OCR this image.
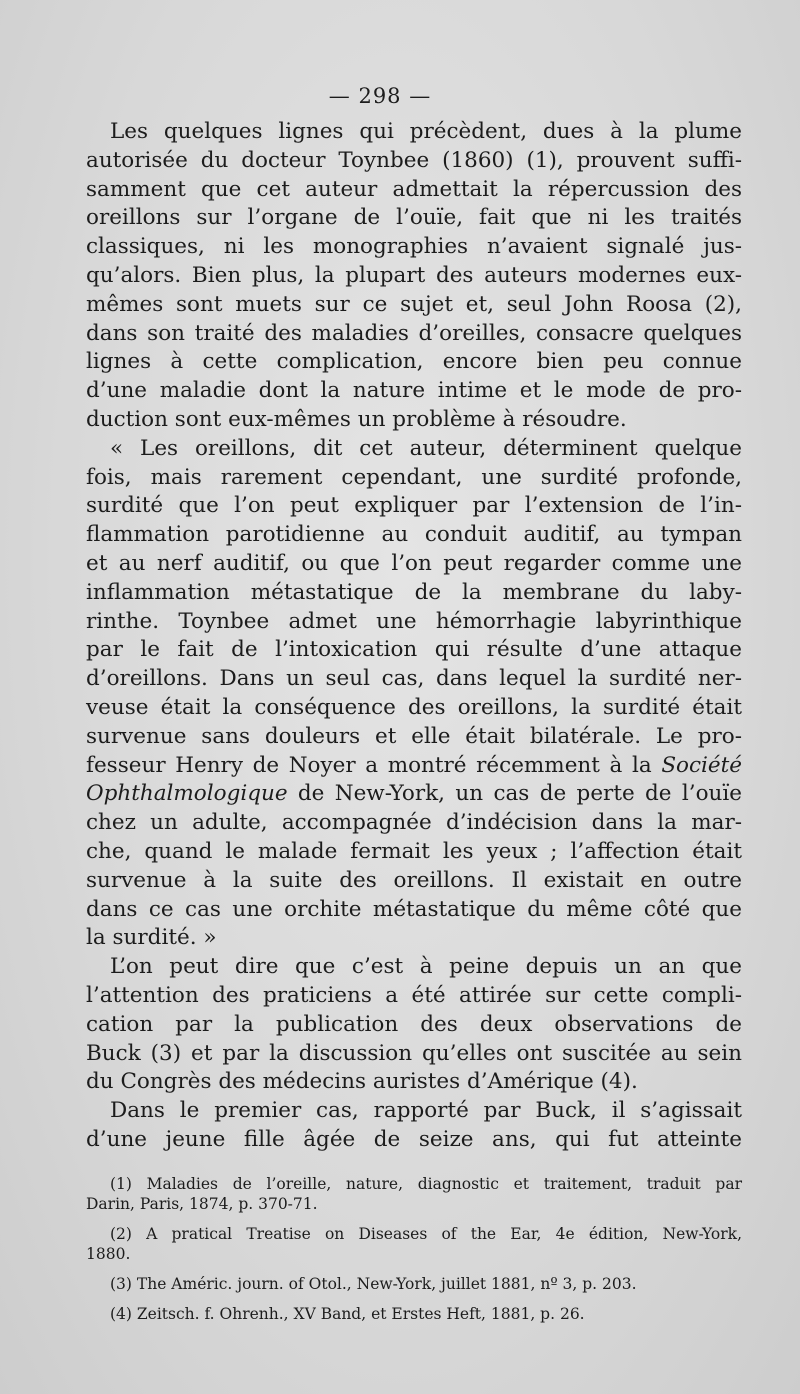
— 298 —
Les quelques lignes qui précèdent, dues à la plume
autorisée du docteur Toynbee (1860) (1), prouvent suffi-
samment que cet auteur admettait la répercussion des
oreillons sur l’organe de l’ouïe, fait que ni les traités
classiques, ni les monographies n’avaient signalé jus-
qu’alors. Bien plus, la plupart des auteurs modernes eux-
mêmes sont muets sur ce sujet et, seul John Roosa (2),
dans son traité des maladies d’oreilles, consacre quelques
lignes à cette complication, encore bien peu connue
d’une maladie dont la nature intime et le mode de pro-
duction sont eux-mêmes un problème à résoudre.
« Les oreillons, dit cet auteur, déterminent quelque
fois, mais rarement cependant, une surdité profonde,
surdité que l’on peut expliquer par l’extension de l’in-
flammation parotidienne au conduit auditif, au tympan
et au nerf auditif, ou que l’on peut regarder comme une
inflammation métastatique de la membrane du laby-
rinthe. Toynbee admet une hémorrhagie labyrinthique
par le fait de l’intoxication qui résulte d’une attaque
d’oreillons. Dans un seul cas, dans lequel la surdité ner-
veuse était la conséquence des oreillons, la surdité était
survenue sans douleurs et elle était bilatérale. Le pro-
fesseur Henry de Noyer a montré récemment à la Société
Ophthalmologique de New-York, un cas de perte de l’ouïe
chez un adulte, accompagnée d’indécision dans la mar-
che, quand le malade fermait les yeux ; l’affection était
survenue à la suite des oreillons. Il existait en outre
dans ce cas une orchite métastatique du même côté que
la surdité. »
L’on peut dire que c’est à peine depuis un an que
l’attention des praticiens a été attirée sur cette compli-
cation par la publication des deux observations de
Buck (3) et par la discussion qu’elles ont suscitée au sein
du Congrès des médecins auristes d’Amérique (4).
Dans le premier cas, rapporté par Buck, il s’agissait
d’une jeune fille âgée de seize ans, qui fut atteinte
(1) Maladies de l’oreille, nature, diagnostic et traitement, traduit par
Darin, Paris, 1874, p. 370-71.
(2) A pratical Treatise on Diseases of the Ear, 4e édition, New-York,
1880.
(3) The Améric. journ. of Otol., New-York, juillet 1881, nº 3, p. 203.
(4) Zeitsch. f. Ohrenh., XV Band, et Erstes Heft, 1881, p. 26.
